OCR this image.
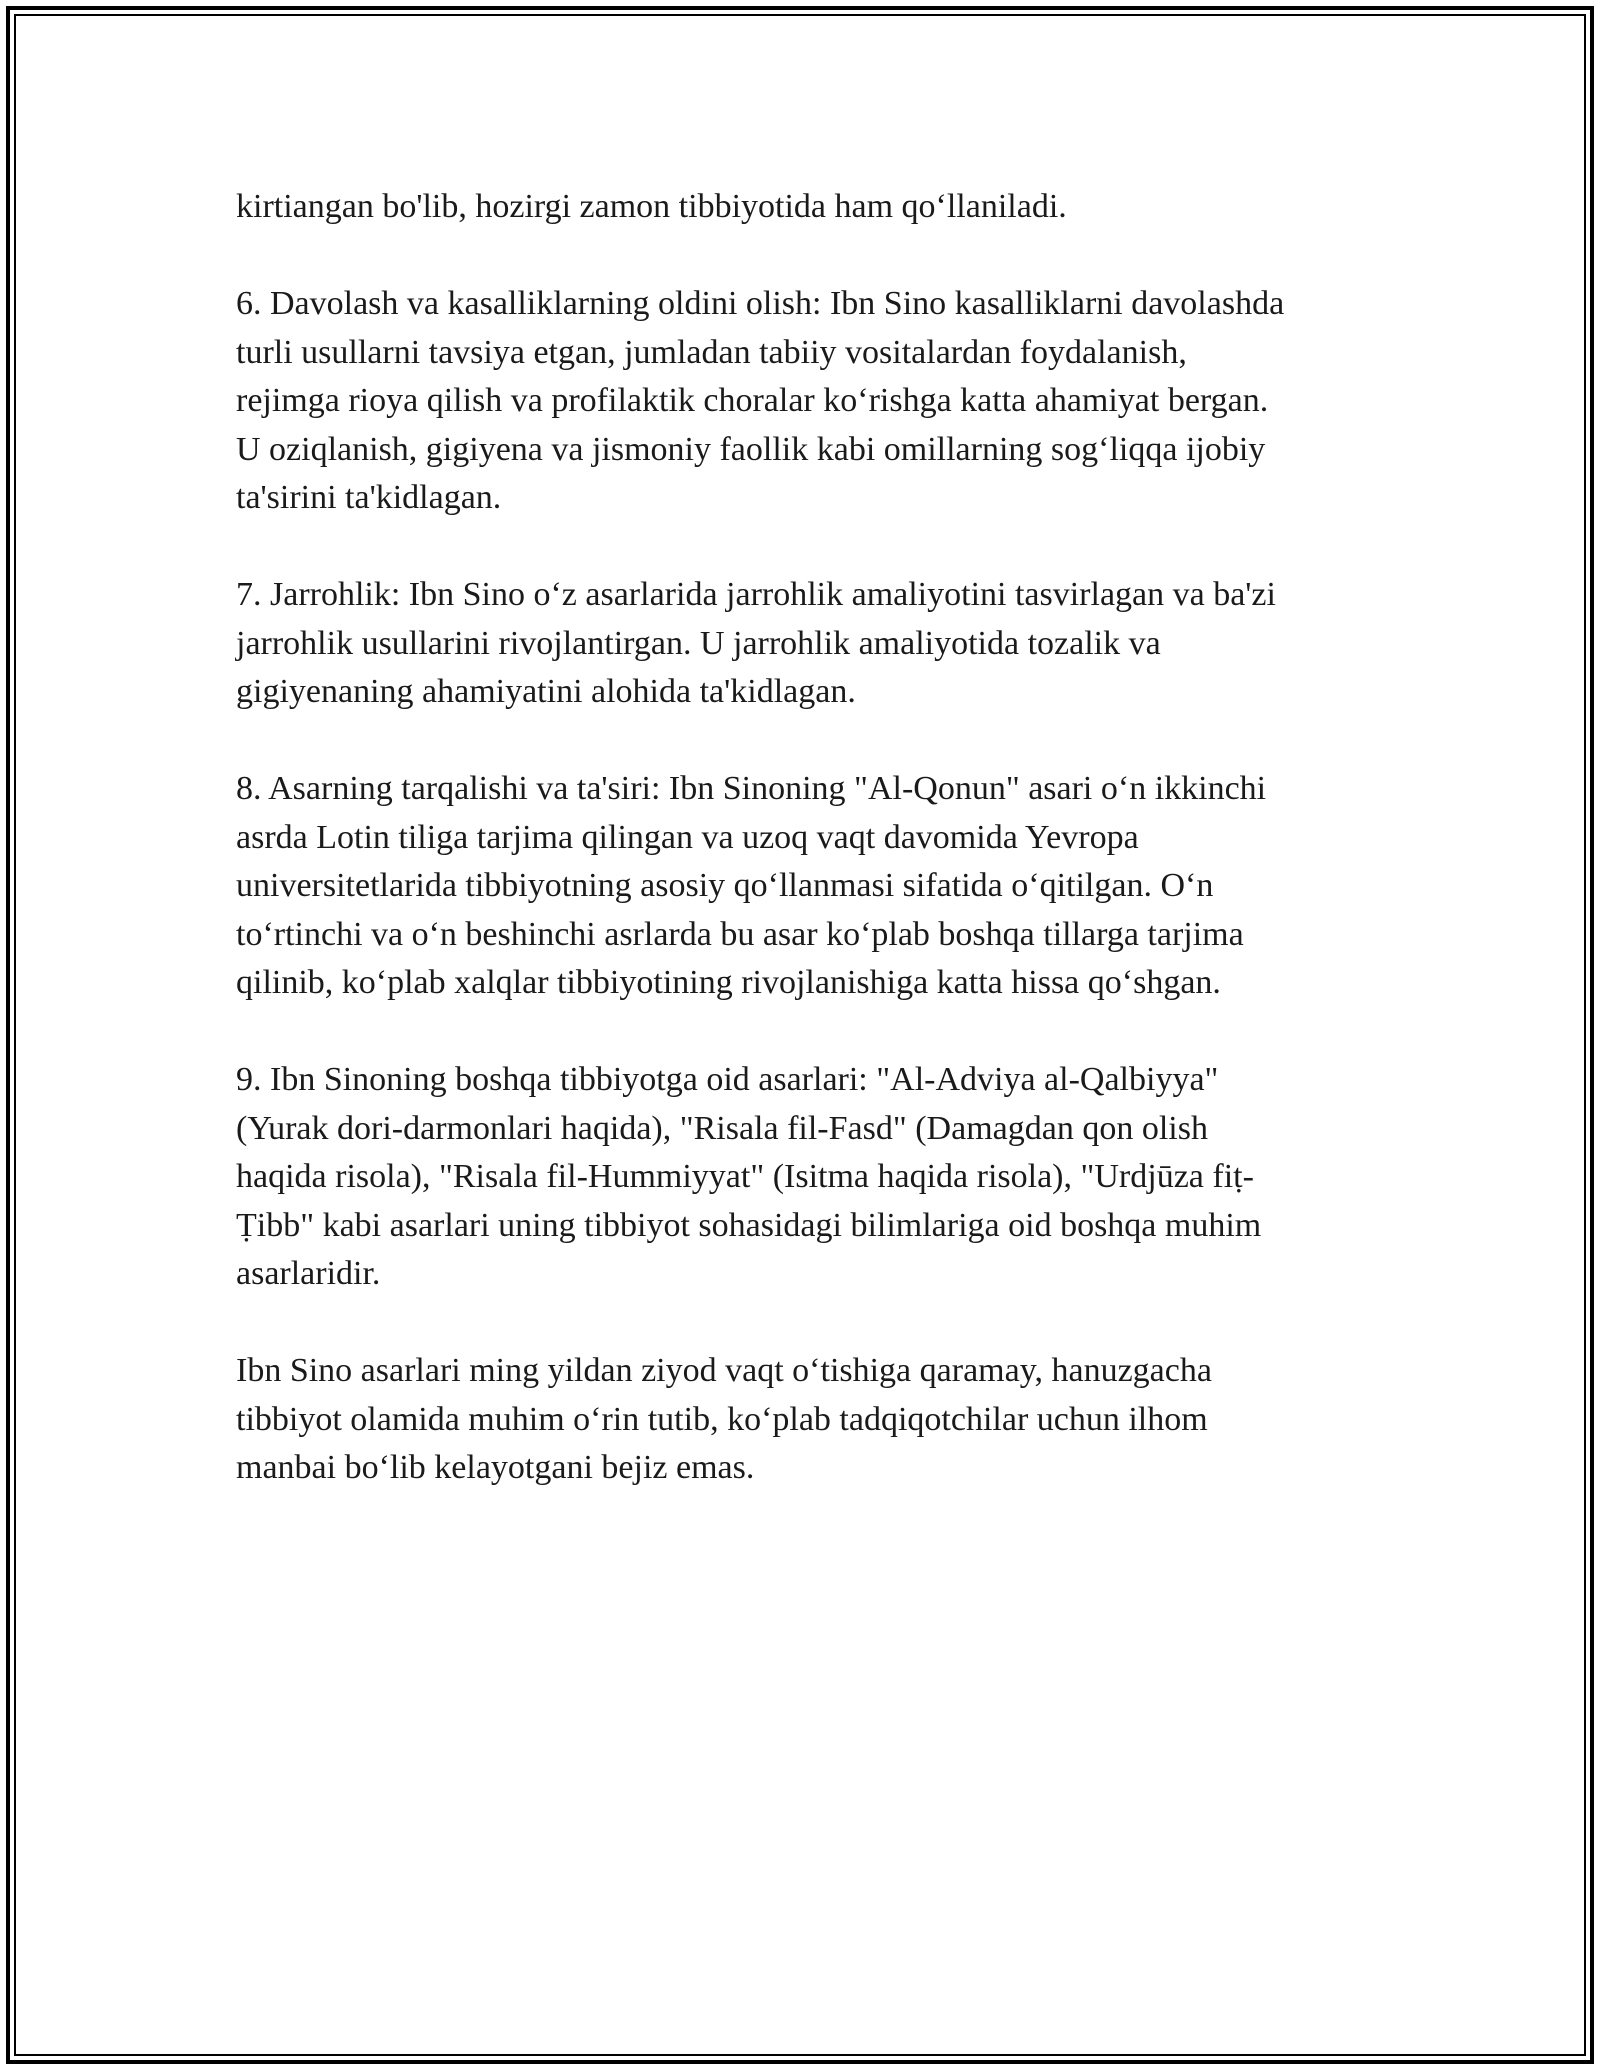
kirtiangan bo'lib, hozirgi zamon tibbiyotida ham qo‘llaniladi.

6. Davolash va kasalliklarning oldini olish: Ibn Sino kasalliklarni davolashda
turli usullarni tavsiya etgan, jumladan tabiiy vositalardan foydalanish,
rejimga rioya qilish va profilaktik choralar ko‘rishga katta ahamiyat bergan.
U oziqlanish, gigiyena va jismoniy faollik kabi omillarning sog‘liqqa ijobiy
ta'sirini ta'kidlagan.

7. Jarrohlik: Ibn Sino o‘z asarlarida jarrohlik amaliyotini tasvirlagan va ba'zi
jarrohlik usullarini rivojlantirgan. U jarrohlik amaliyotida tozalik va
gigiyenaning ahamiyatini alohida ta'kidlagan.

8. Asarning tarqalishi va ta'siri: Ibn Sinoning "Al-Qonun" asari o‘n ikkinchi
asrda Lotin tiliga tarjima qilingan va uzoq vaqt davomida Yevropa
universitetlarida tibbiyotning asosiy qo‘llanmasi sifatida o‘qitilgan. O‘n
to‘rtinchi va o‘n beshinchi asrlarda bu asar ko‘plab boshqa tillarga tarjima
qilinib, ko‘plab xalqlar tibbiyotining rivojlanishiga katta hissa qo‘shgan.

9. Ibn Sinoning boshqa tibbiyotga oid asarlari: "Al-Adviya al-Qalbiyya"
(Yurak dori-darmonlari haqida), "Risala fil-Fasd" (Damagdan qon olish
haqida risola), "Risala fil-Hummiyyat" (Isitma haqida risola), "Urdjūza fiṭ-
Ṭibb" kabi asarlari uning tibbiyot sohasidagi bilimlariga oid boshqa muhim
asarlaridir.

Ibn Sino asarlari ming yildan ziyod vaqt o‘tishiga qaramay, hanuzgacha
tibbiyot olamida muhim o‘rin tutib, ko‘plab tadqiqotchilar uchun ilhom
manbai bo‘lib kelayotgani bejiz emas.
